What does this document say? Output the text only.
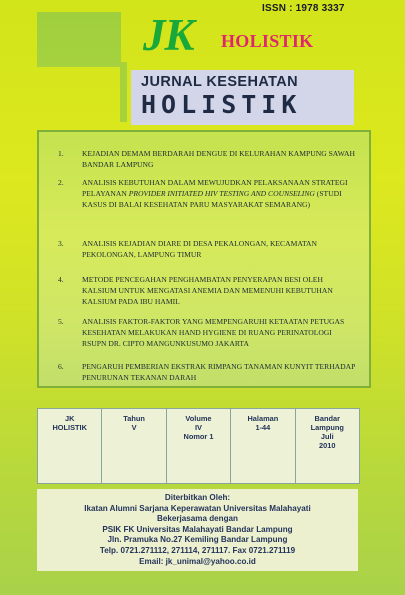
ISSN : 1978 3337
JK HOLISTIK
JURNAL KESEHATAN
HOLISTIK
1.	KEJADIAN DEMAM BERDARAH DENGUE DI KELURAHAN KAMPUNG SAWAH BANDAR LAMPUNG
2.	ANALISIS KEBUTUHAN DALAM MEWUJUDKAN PELAKSANAAN STRATEGI PELAYANAN PROVIDER INITIATED HIV TESTING AND COUNSELING (STUDI KASUS DI BALAI KESEHATAN PARU MASYARAKAT SEMARANG)
3.	ANALISIS KEJADIAN DIARE DI DESA PEKALONGAN, KECAMATAN PEKOLONGAN, LAMPUNG TIMUR
4.	METODE PENCEGAHAN PENGHAMBATAN PENYERAPAN BESI OLEH KALSIUM UNTUK MENGATASI ANEMIA DAN MEMENUHI KEBUTUHAN KALSIUM PADA IBU HAMIL
5.	ANALISIS FAKTOR-FAKTOR YANG MEMPENGARUHI KETAATAN PETUGAS KESEHATAN MELAKUKAN HAND HYGIENE DI RUANG PERINATOLOGI RSUPN DR. CIPTO MANGUNKUSUMO JAKARTA
6.	PENGARUH PEMBERIAN EKSTRAK RIMPANG TANAMAN KUNYIT TERHADAP PENURUNAN TEKANAN DARAH
JK
HOLISTIK

Tahun
V

Volume
IV
Nomor 1

Halaman
1-44

Bandar
Lampung
Juli
2010
Diterbitkan Oleh:
Ikatan Alumni Sarjana Keperawatan Universitas Malahayati
Bekerjasama dengan
PSIK FK Universitas Malahayati Bandar Lampung
Jln. Pramuka No.27 Kemiling Bandar Lampung
Telp. 0721.271112, 271114, 271117. Fax 0721.271119
Email: jk_unimal@yahoo.co.id
